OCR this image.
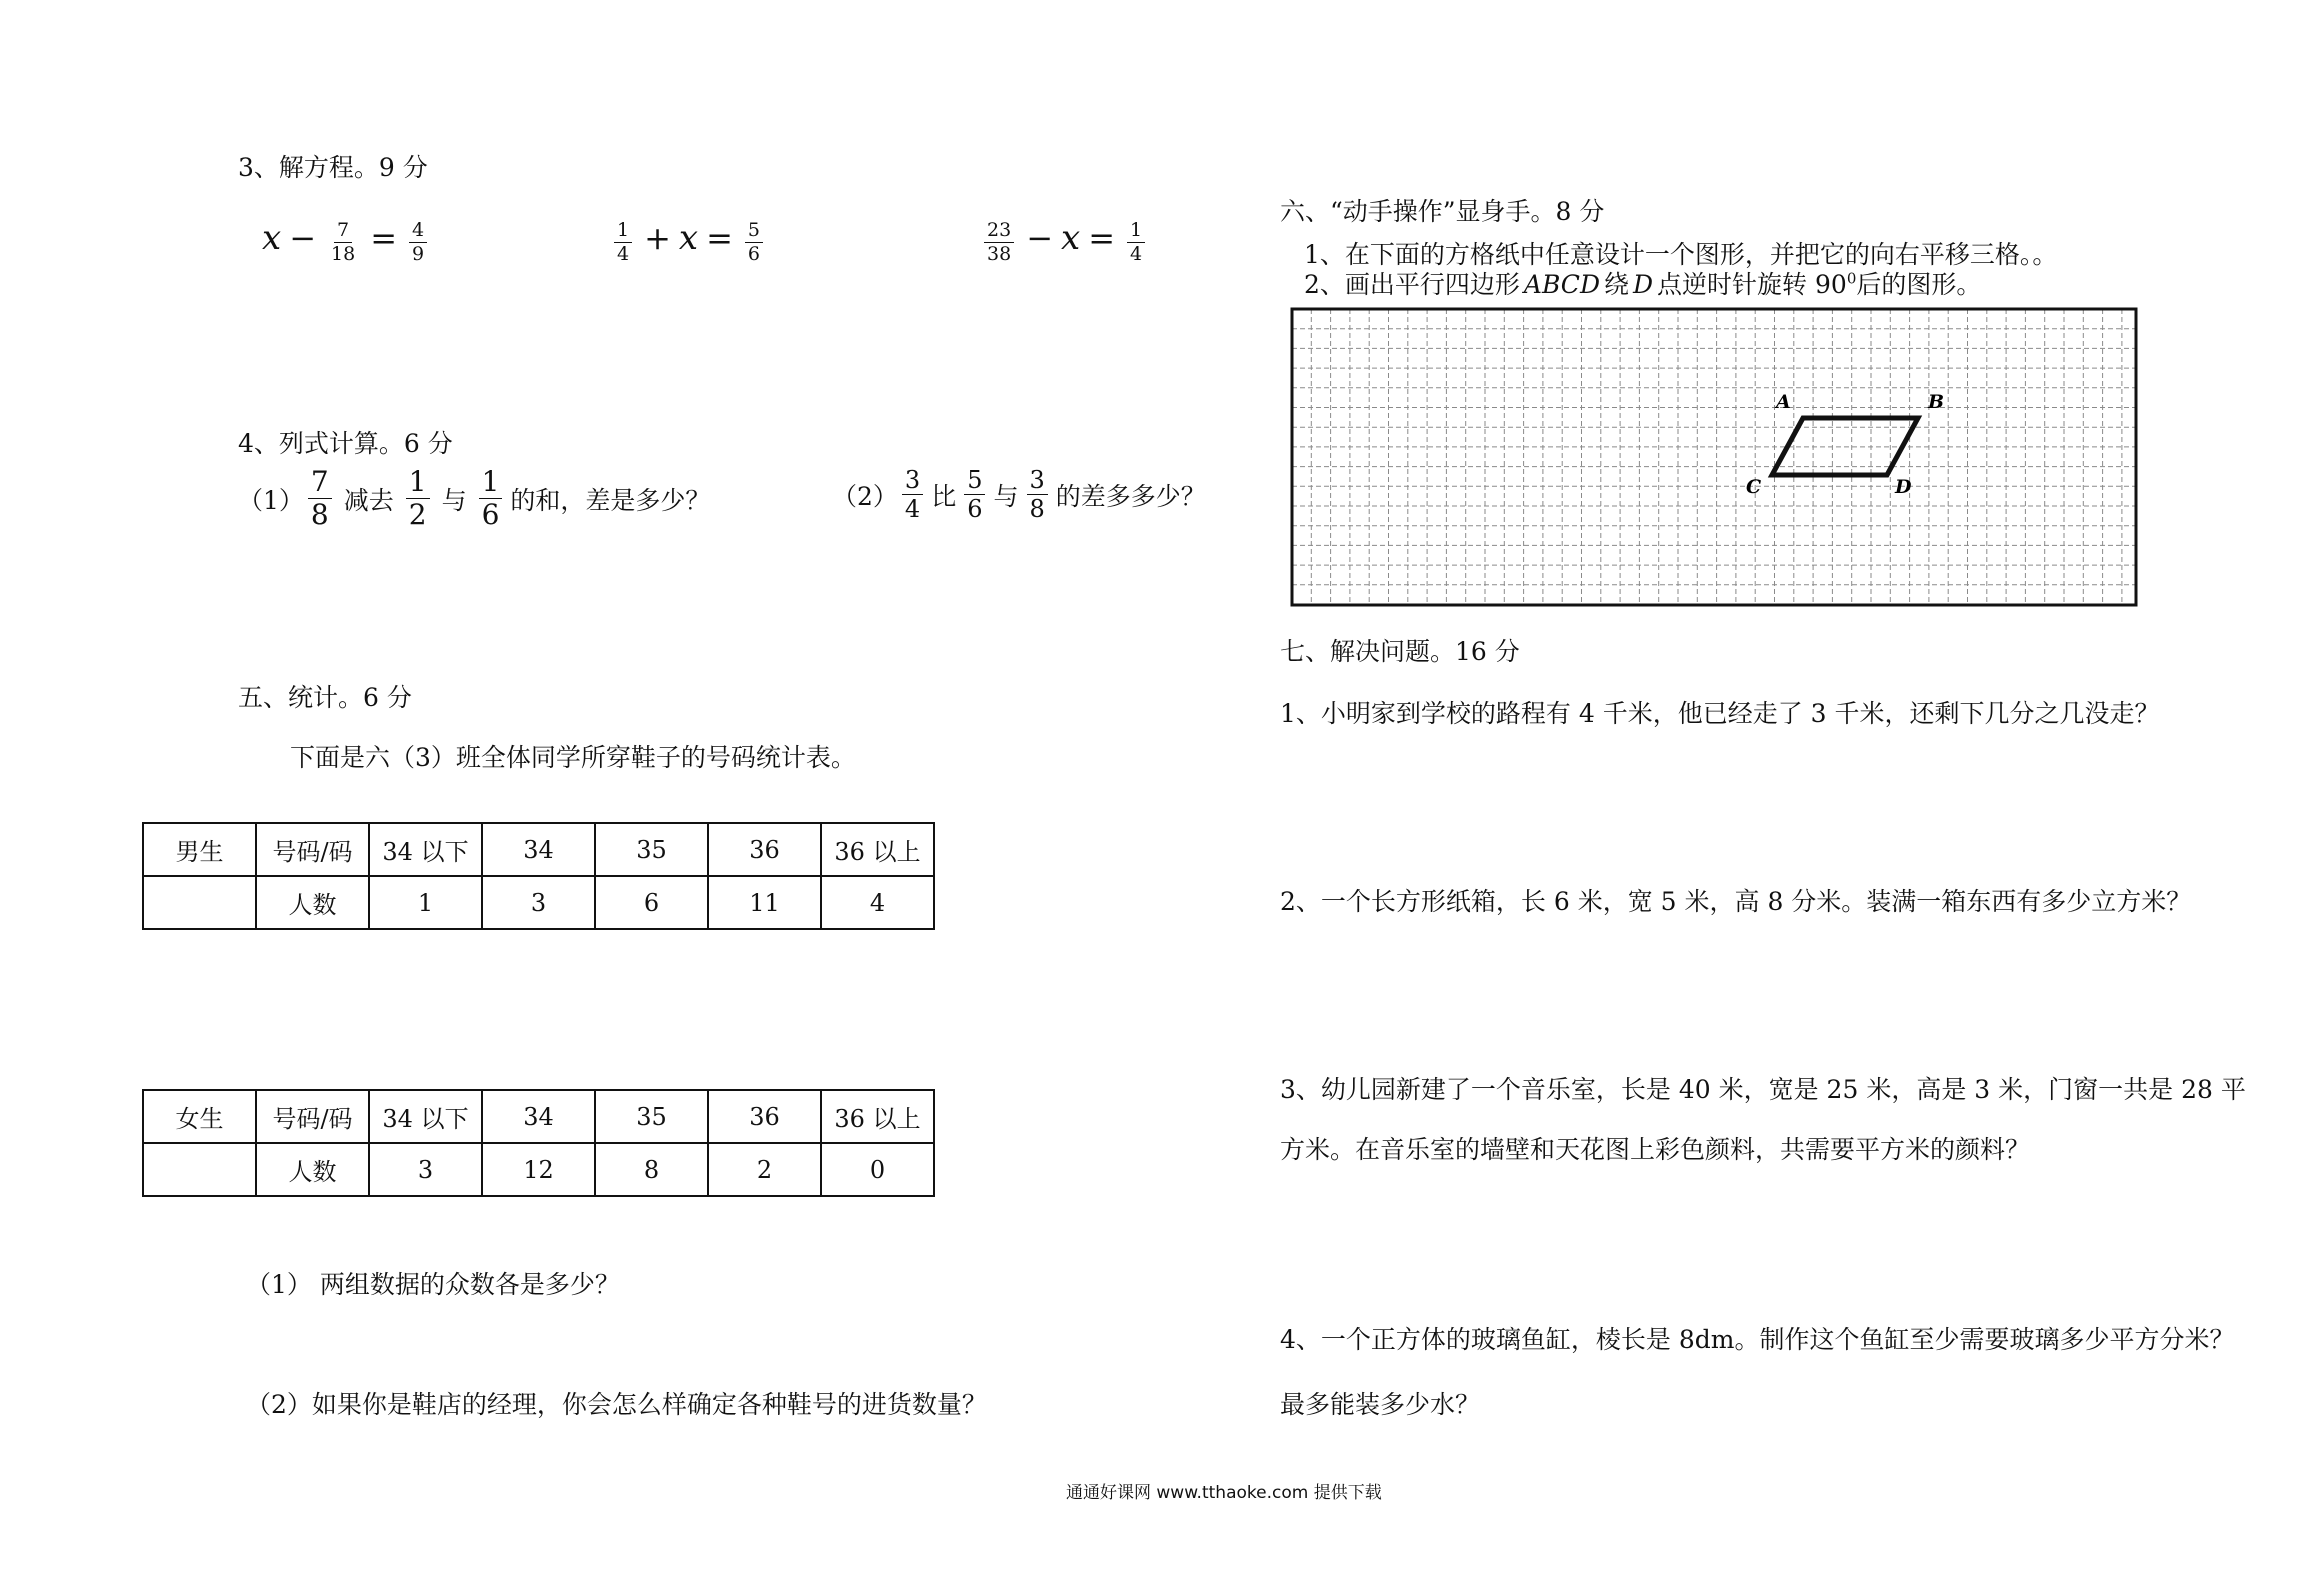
3、解方程。9 分
$x - \frac{7}{18} = \frac{4}{9}$	$\frac{1}{4} + x = \frac{5}{6}$	$\frac{23}{38} - x = \frac{1}{4}$
4、列式计算。6 分
$(1) \frac{7}{8}$ 减去 $\frac{1}{2}$ 与 $\frac{1}{6}$ 的和，差是多少？	$(2) \frac{3}{4}$ 比 $\frac{5}{6}$ 与 $\frac{3}{8}$ 的差多多少？
五、统计。6 分
下面是六（3）班全体同学所穿鞋子的号码统计表。
男生	号码/码	34 以下	34	35	36	36 以上
	人数	1	3	6	11	4
女生	号码/码	34 以下	34	35	36	36 以上
	人数	3	12	8	2	0
（1） 两组数据的众数各是多少？
（2）如果你是鞋店的经理，你会怎么样确定各种鞋号的进货数量？
六、“动手操作”显身手。8 分
1、在下面的方格纸中任意设计一个图形，并把它的向右平移三格。。
2、画出平行四边形 ABCD 绕 D 点逆时针旋转 $90^0$后的图形。
A	B
C	D
七、解决问题。16 分
1、小明家到学校的路程有 4 千米，他已经走了 3 千米，还剩下几分之几没走？
2、一个长方形纸箱，长 6 米，宽 5 米，高 8 分米。装满一箱东西有多少立方米？
3、幼儿园新建了一个音乐室，长是 40 米，宽是 25 米，高是 3 米，门窗一共是 28 平
方米。在音乐室的墙壁和天花图上彩色颜料，共需要平方米的颜料？
4、一个正方体的玻璃鱼缸，棱长是 8dm。制作这个鱼缸至少需要玻璃多少平方分米？
最多能装多少水？
通通好课网 www.tthaoke.com 提供下载
